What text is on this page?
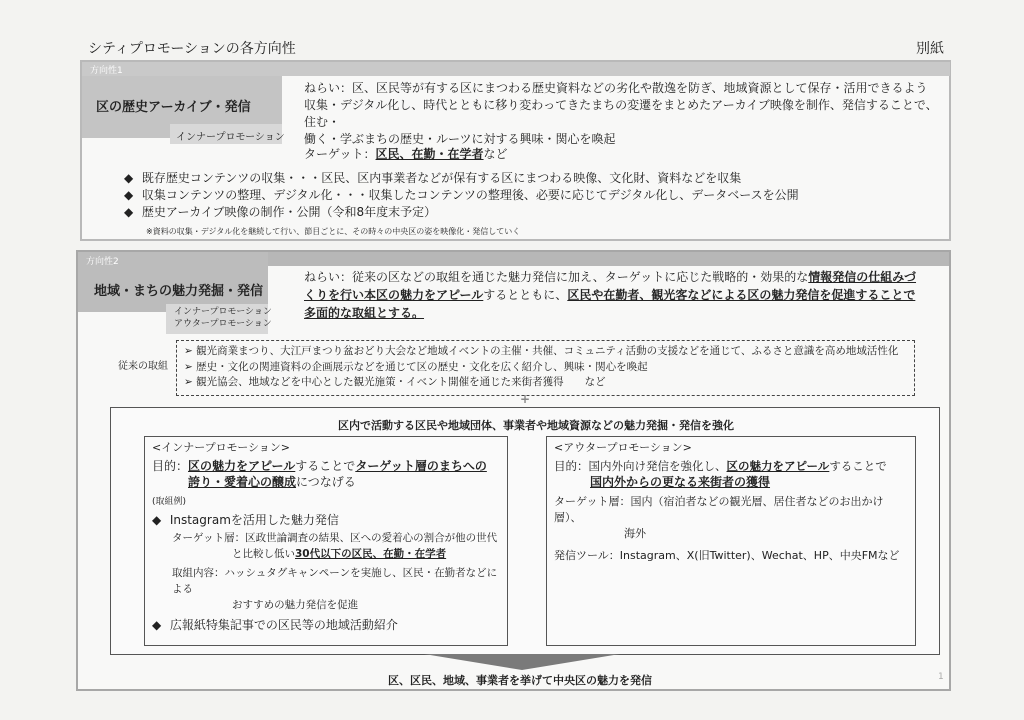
シティプロモーションの各方向性	別紙
方向性1
区の歴史アーカイブ・発信
インナープロモーション
ねらい：区、区民等が有する区にまつわる歴史資料などの劣化や散逸を防ぎ、地域資源として保存・活用できるよう
収集・デジタル化し、時代とともに移り変わってきたまちの変遷をまとめたアーカイブ映像を制作、発信することで、住む・
働く・学ぶまちの歴史・ルーツに対する興味・関心を喚起
ターゲット：区民、在勤・在学者など
◆ 既存歴史コンテンツの収集・・・区民、区内事業者などが保有する区にまつわる映像、文化財、資料などを収集
◆ 収集コンテンツの整理、デジタル化・・・収集したコンテンツの整理後、必要に応じてデジタル化し、データベースを公開
◆ 歴史アーカイブ映像の制作・公開（令和8年度末予定）
※資料の収集・デジタル化を継続して行い、節目ごとに、その時々の中央区の姿を映像化・発信していく
方向性2
地域・まちの魅力発掘・発信
インナープロモーション
アウタープロモーション
ねらい：従来の区などの取組を通じた魅力発信に加え、ターゲットに応じた戦略的・効果的な情報発信の仕組みづ
くりを行い本区の魅力をアピールするとともに、区民や在勤者、観光客などによる区の魅力発信を促進することで
多面的な取組とする。
従来の取組
➢ 観光商業まつり、大江戸まつり盆おどり大会など地域イベントの主催・共催、コミュニティ活動の支援などを通じて、ふるさと意識を高め地域活性化
➢ 歴史・文化の関連資料の企画展示などを通じて区の歴史・文化を広く紹介し、興味・関心を喚起
➢ 観光協会、地域などを中心とした観光施策・イベント開催を通じた来街者獲得　　など
+
区内で活動する区民や地域団体、事業者や地域資源などの魅力発掘・発信を強化
<インナープロモーション>
目的：区の魅力をアピールすることでターゲット層のまちへの
誇り・愛着心の醸成につなげる
(取組例)
◆ Instagramを活用した魅力発信
ターゲット層：区政世論調査の結果、区への愛着心の割合が他の世代
と比較し低い30代以下の区民、在勤・在学者
取組内容：ハッシュタグキャンペーンを実施し、区民・在勤者などによる
おすすめの魅力発信を促進
◆ 広報紙特集記事での区民等の地域活動紹介
<アウタープロモーション>
目的：国内外向け発信を強化し、区の魅力をアピールすることで
国内外からの更なる来街者の獲得
ターゲット層：国内（宿泊者などの観光層、居住者などのお出かけ層）、
海外
発信ツール：Instagram、X(旧Twitter)、Wechat、HP、中央FMなど
区、区民、地域、事業者を挙げて中央区の魅力を発信	1
